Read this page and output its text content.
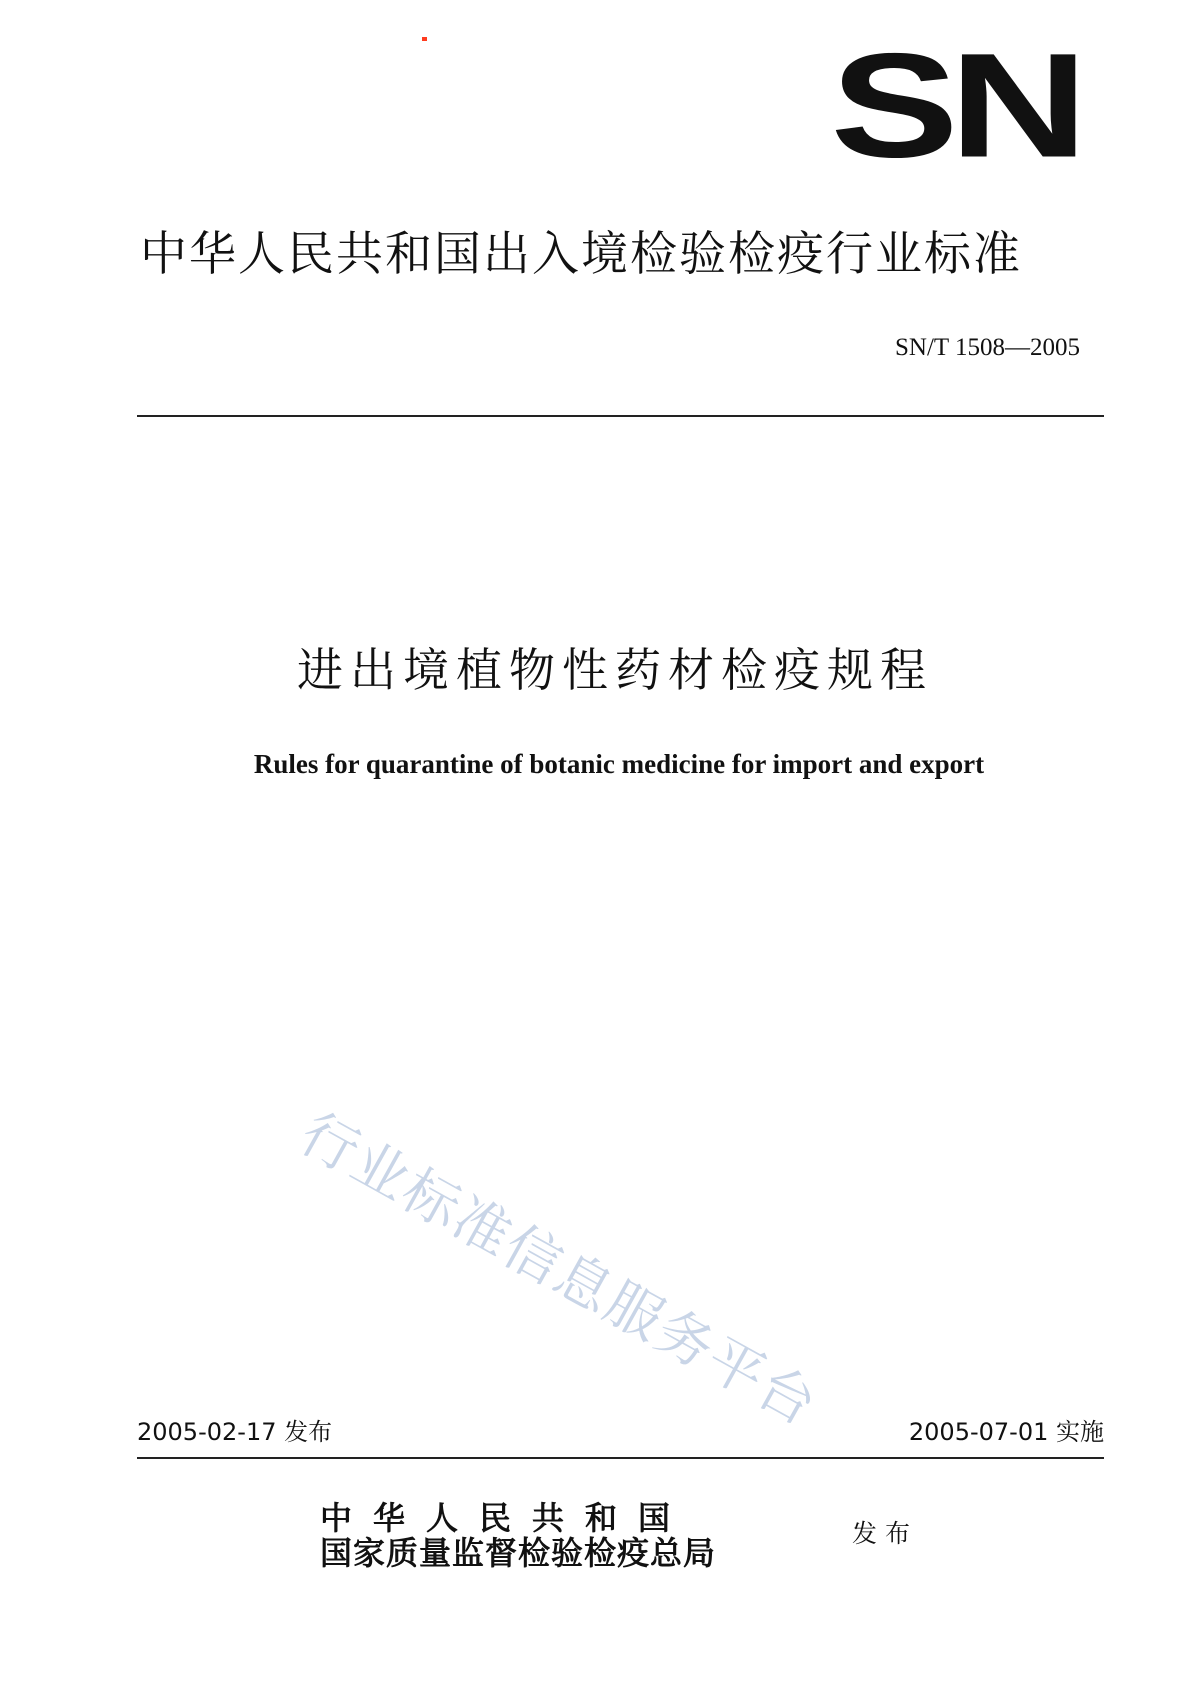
SN
中华人民共和国出入境检验检疫行业标准
SN/T 1508—2005
进出境植物性药材检疫规程
Rules for quarantine of botanic medicine for import and export
行业标准信息服务平台
2005-02-17 发布	2005-07-01 实施
中华人民共和国
国家质量监督检验检疫总局
发布
